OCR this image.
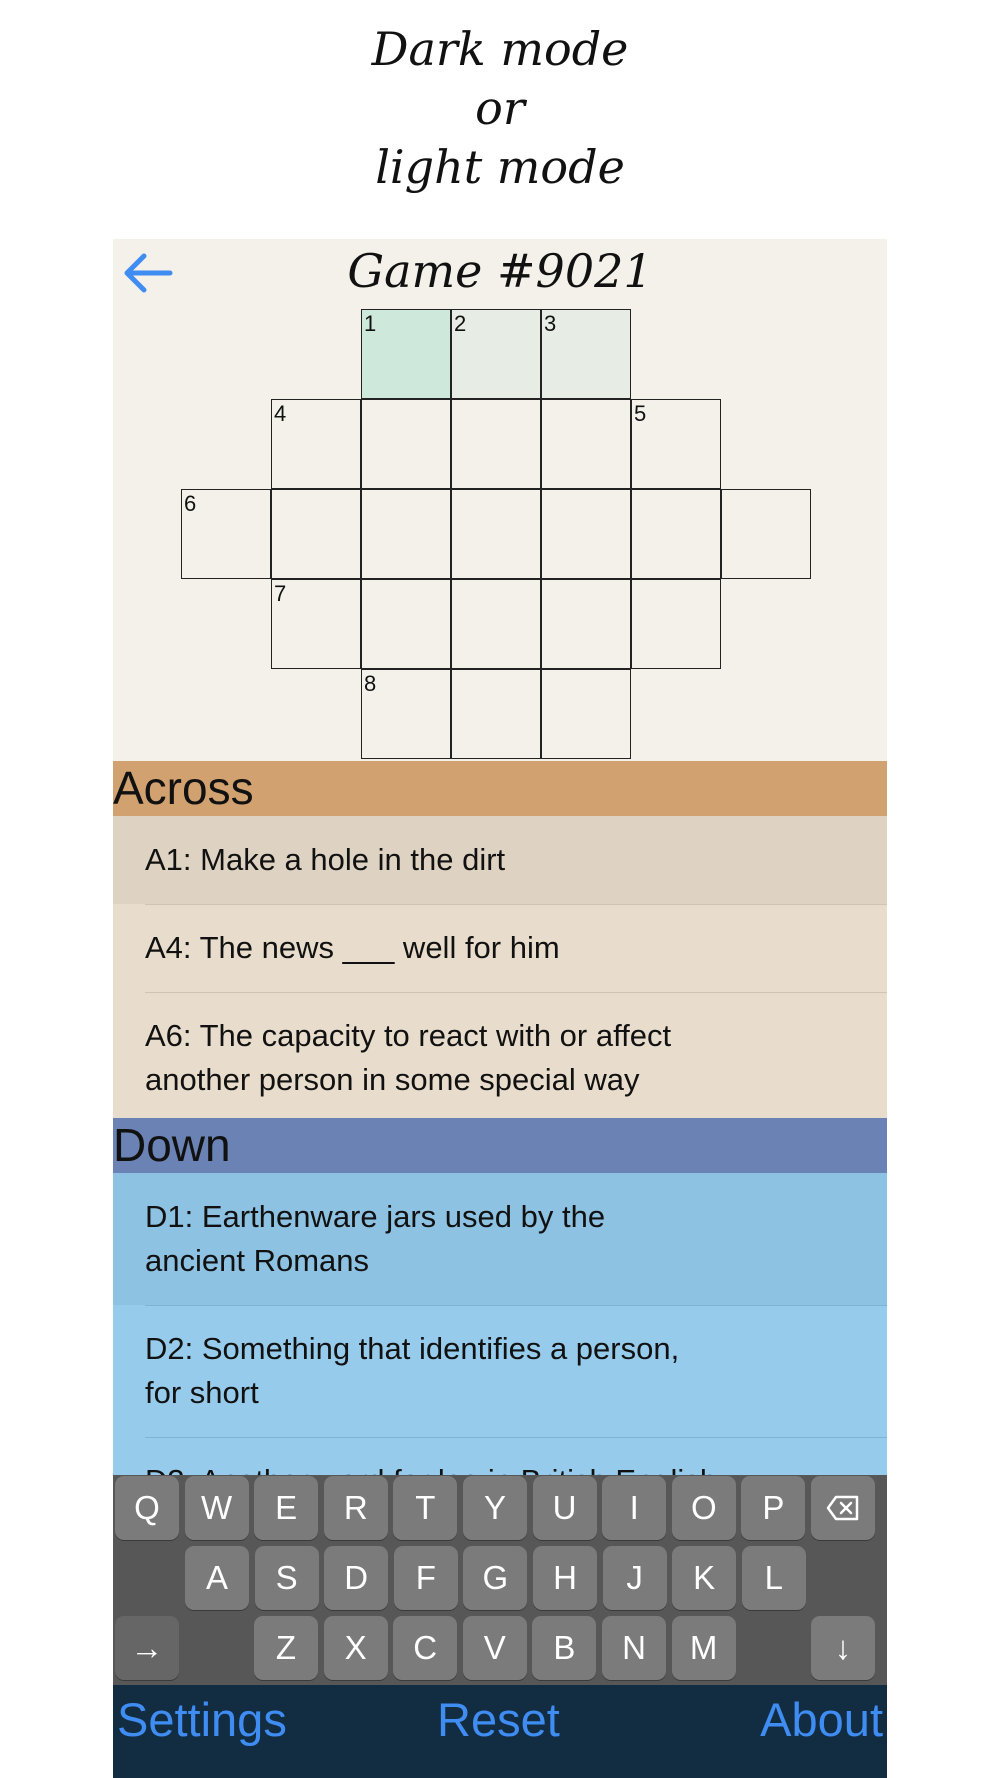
Dark mode
or
light mode
Game #9021
1	2	3
4	5
6
7
8
Across
A1: Make a hole in the dirt
A4: The news ___ well for him
A6: The capacity to react with or affect
another person in some special way
Down
D1: Earthenware jars used by the
ancient Romans
D2: Something that identifies a person,
for short
Q	W	E	R	T	Y	U	I	O	P
A	S	D	F	G	H	J	K	L
Z	X	C	V	B	N	M
→	↓
Settings	Reset	About
